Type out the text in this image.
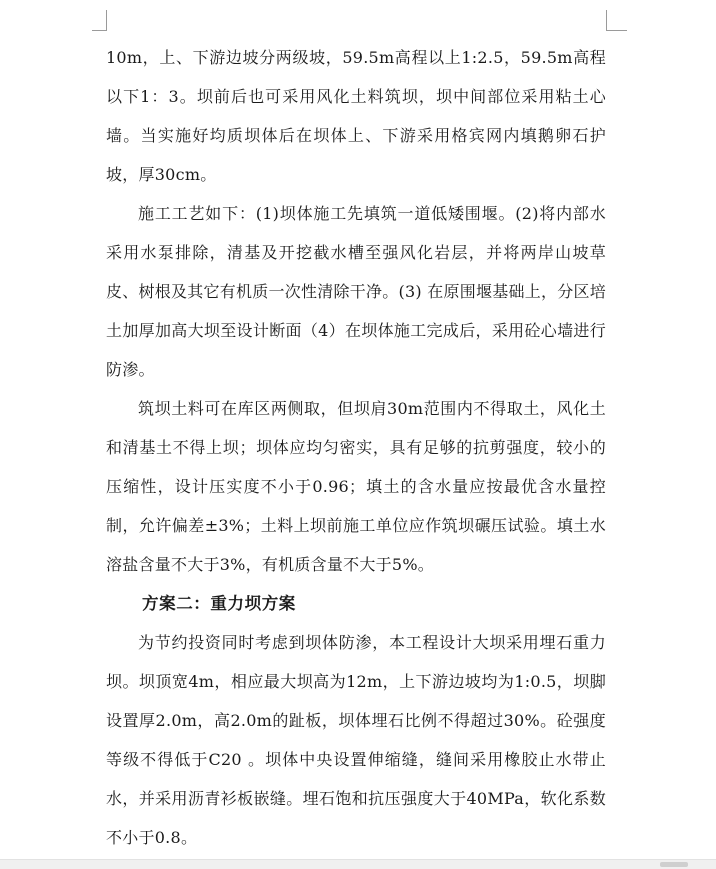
10m，上、下游边坡分两级坡，59.5m高程以上1:2.5，59.5m高程以下1：3。坝前后也可采用风化土料筑坝，坝中间部位采用粘土心墙。当实施好均质坝体后在坝体上、下游采用格宾网内填鹅卵石护坡，厚30cm。

施工工艺如下：(1)坝体施工先填筑一道低矮围堰。(2)将内部水采用水泵排除，清基及开挖截水槽至强风化岩层，并将两岸山坡草皮、树根及其它有机质一次性清除干净。(3) 在原围堰基础上，分区培土加厚加高大坝至设计断面（4）在坝体施工完成后，采用砼心墙进行防渗。

筑坝土料可在库区两侧取，但坝肩30m范围内不得取土，风化土和清基土不得上坝；坝体应均匀密实，具有足够的抗剪强度，较小的压缩性，设计压实度不小于0.96；填土的含水量应按最优含水量控制，允许偏差±3%；土料上坝前施工单位应作筑坝碾压试验。填土水溶盐含量不大于3%，有机质含量不大于5%。

方案二：重力坝方案

为节约投资同时考虑到坝体防渗，本工程设计大坝采用埋石重力坝。坝顶宽4m，相应最大坝高为12m，上下游边坡均为1:0.5，坝脚设置厚2.0m，高2.0m的趾板，坝体埋石比例不得超过30%。砼强度等级不得低于C20 。坝体中央设置伸缩缝，缝间采用橡胶止水带止水，并采用沥青衫板嵌缝。埋石饱和抗压强度大于40MPa，软化系数不小于0.8。
